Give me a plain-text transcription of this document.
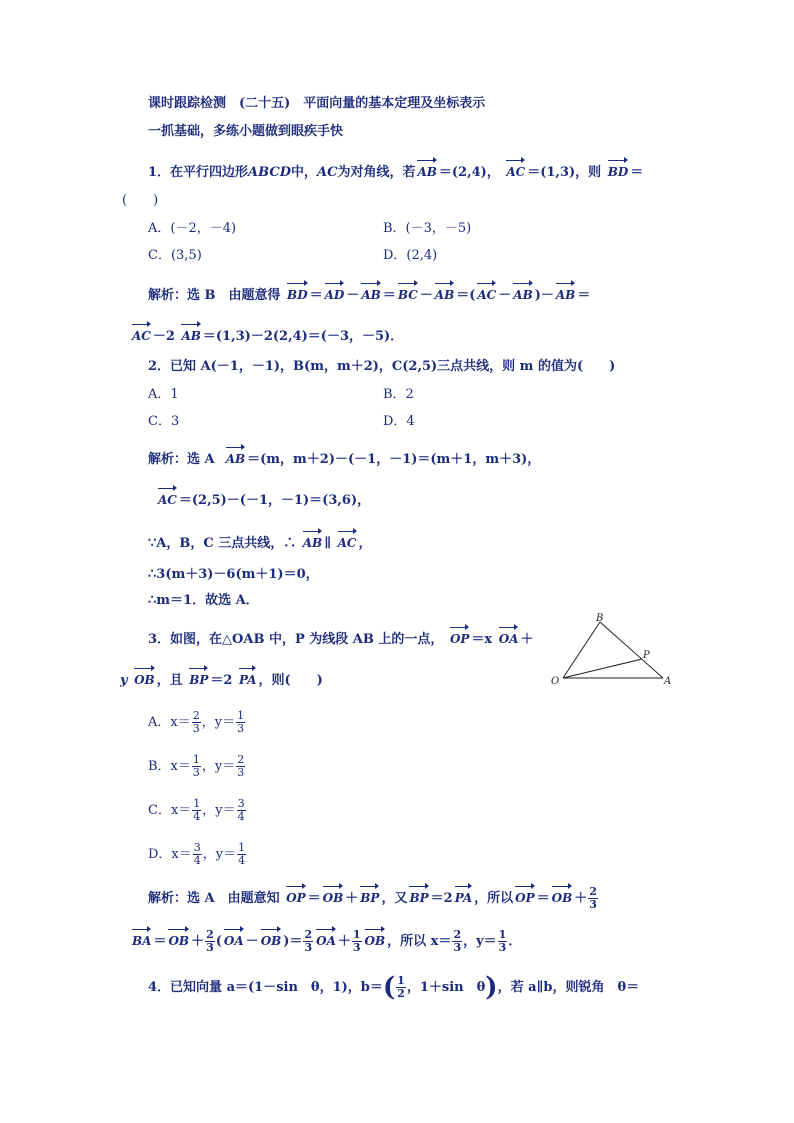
课时跟踪检测　(二十五)　平面向量的基本定理及坐标表示
一抓基础，多练小题做到眼疾手快
1．在平行四边形ABCD中，AC为对角线，若 AB ＝(2,4)， AC ＝(1,3)，则 BD ＝
(　　)
A．(－2，－4)	B．(－3，－5)
C．(3,5)	D．(2,4)
解析：选 B　由题意得 BD ＝ AD － AB ＝ BC － AB ＝( AC － AB )－ AB ＝
AC －2 AB ＝(1,3)－2(2,4)＝(－3，－5)．
2．已知 A(－1，－1)，B(m，m＋2)，C(2,5)三点共线，则 m 的值为(　　)
A．1	B．2
C．3	D．4
解析：选 A AB ＝(m，m＋2)－(－1，－1)＝(m＋1，m＋3)，
AC ＝(2,5)－(－1，－1)＝(3,6)，
∵A，B，C 三点共线，∴ AB ∥ AC ，
∴3(m＋3)－6(m＋1)＝0，
∴m＝1．故选 A．
3．如图，在△OAB 中，P 为线段 AB 上的一点， OP ＝x OA ＋
y OB ，且 BP ＝2 PA ，则(　　)
B
P
O	A
A．$x= \frac{2}{3}$ ，$y= \frac{1}{3}$
B．$x= \frac{1}{3}$ ，$y= \frac{2}{3}$
C．$x= \frac{1}{4}$ ，$y= \frac{3}{4}$
D．$x= \frac{3}{4}$ ，$y= \frac{1}{4}$
解析：选 A　由题意知 OP ＝ OB ＋ BP ，又 BP ＝2 PA ，所以 OP ＝ OB ＋ $\frac{2}{3}$
BA ＝ OB ＋ $\frac{2}{3}$ ( OA － OB )＝ $\frac{2}{3}$ OA ＋ $\frac{1}{3}$ OB ，所以 $x= \frac{2}{3}$ ，$y= \frac{1}{3}$ ．
4．已知向量 a＝(1－sin　θ，1)，$b=( \frac{1}{2}$ ，1＋sin　θ)，若 a∥b，则锐角　θ＝
